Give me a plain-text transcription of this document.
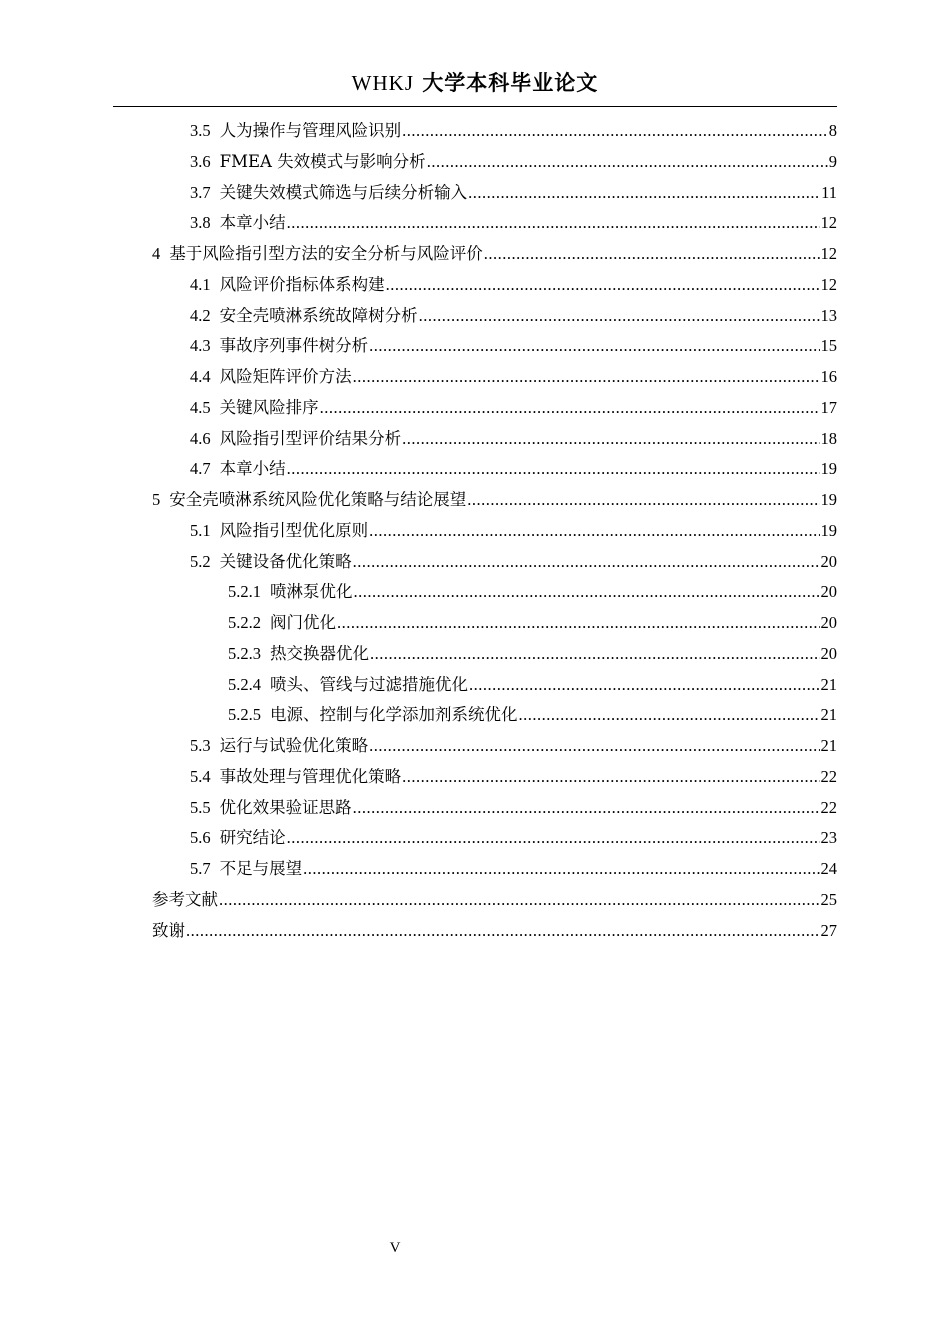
WHKJ 大学本科毕业论文
3.5 人为操作与管理风险识别 .....	8
3.6 FMEA 失效模式与影响分析 .....	9
3.7 关键失效模式筛选与后续分析输入 .....	11
3.8 本章小结 .....	12
4 基于风险指引型方法的安全分析与风险评价 .....	12
4.1 风险评价指标体系构建 .....	12
4.2 安全壳喷淋系统故障树分析 .....	13
4.3 事故序列事件树分析 .....	15
4.4 风险矩阵评价方法 .....	16
4.5 关键风险排序 .....	17
4.6 风险指引型评价结果分析 .....	18
4.7 本章小结 .....	19
5 安全壳喷淋系统风险优化策略与结论展望 .....	19
5.1 风险指引型优化原则 .....	19
5.2 关键设备优化策略 .....	20
5.2.1 喷淋泵优化 .....	20
5.2.2 阀门优化 .....	20
5.2.3 热交换器优化 .....	20
5.2.4 喷头、管线与过滤措施优化 .....	21
5.2.5 电源、控制与化学添加剂系统优化 .....	21
5.3 运行与试验优化策略 .....	21
5.4 事故处理与管理优化策略 .....	22
5.5 优化效果验证思路 .....	22
5.6 研究结论 .....	23
5.7 不足与展望 .....	24
参考文献 .....	25
致谢 .....	27
V
